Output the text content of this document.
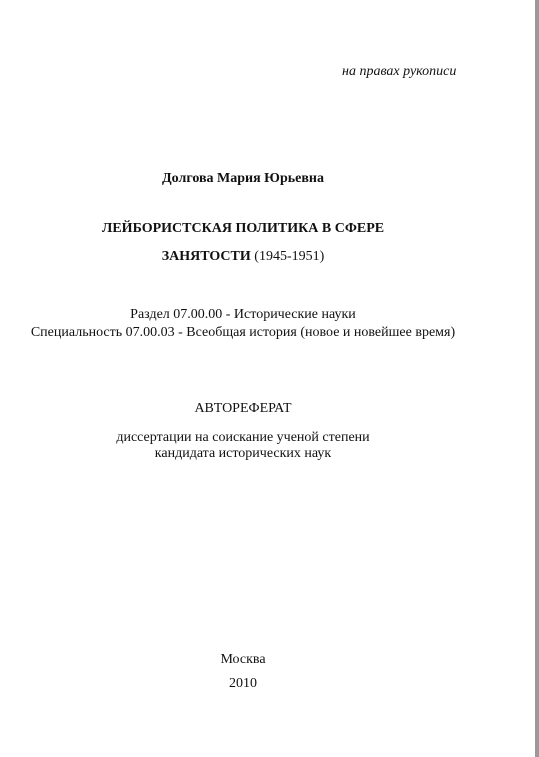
на правах рукописи
Долгова Мария Юрьевна
ЛЕЙБОРИСТСКАЯ ПОЛИТИКА В СФЕРЕ
ЗАНЯТОСТИ (1945-1951)
Раздел 07.00.00 - Исторические науки
Специальность 07.00.03 - Всеобщая история (новое и новейшее время)
АВТОРЕФЕРАТ
диссертации на соискание ученой степени
кандидата исторических наук
Москва
2010
